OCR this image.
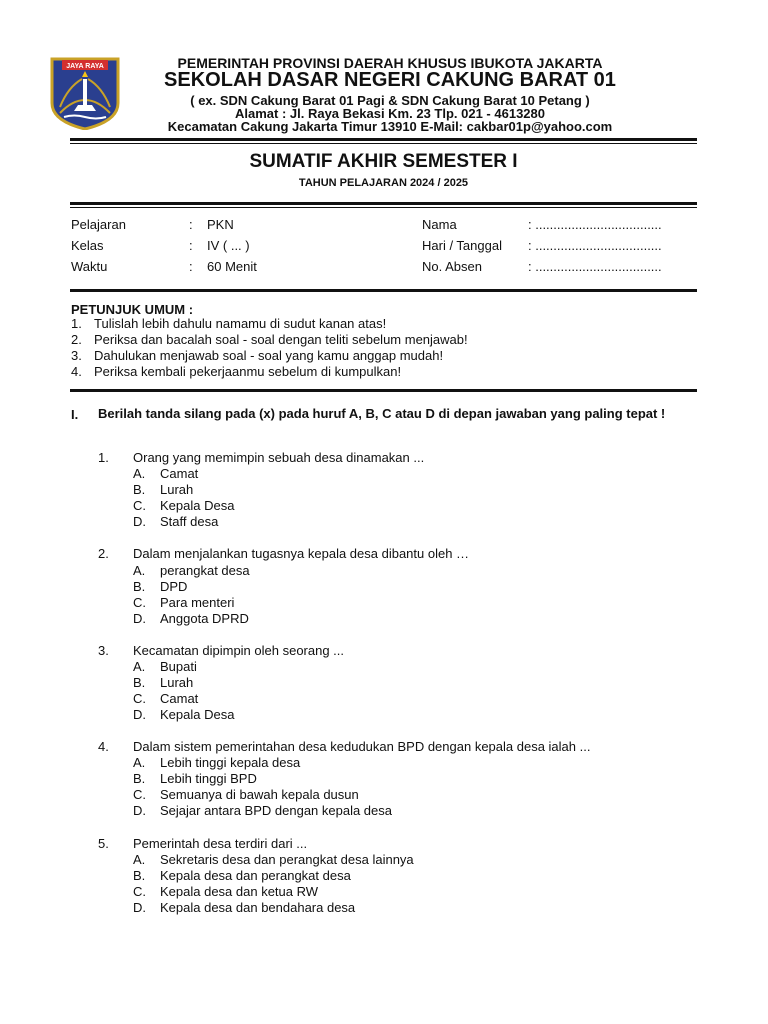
JAYA RAYA	PEMERINTAH PROVINSI DAERAH KHUSUS IBUKOTA JAKARTA
SEKOLAH DASAR NEGERI CAKUNG BARAT 01
( ex. SDN Cakung Barat 01 Pagi & SDN Cakung Barat 10 Petang )
Alamat : Jl. Raya Bekasi Km. 23 Tlp. 021 - 4613280
Kecamatan Cakung Jakarta Timur 13910 E-Mail: cakbar01p@yahoo.com
SUMATIF AKHIR SEMESTER I
TAHUN PELAJARAN 2024 / 2025
Pelajaran	: PKN
Kelas	: IV ( ... )
Waktu	: 60 Menit
Nama	: ...................................
Hari / Tanggal : ...................................
No. Absen	: ...................................
PETUNJUK UMUM :
1. Tulislah lebih dahulu namamu di sudut kanan atas!
2. Periksa dan bacalah soal - soal dengan teliti sebelum menjawab!
3. Dahulukan menjawab soal - soal yang kamu anggap mudah!
4. Periksa kembali pekerjaanmu sebelum di kumpulkan!
I. Berilah tanda silang pada (x) pada huruf A, B, C atau D di depan jawaban yang paling tepat !
1. Orang yang memimpin sebuah desa dinamakan ...
A. Camat
B. Lurah
C. Kepala Desa
D. Staff desa
2. Dalam menjalankan tugasnya kepala desa dibantu oleh …
A. perangkat desa
B. DPD
C. Para menteri
D. Anggota DPRD
3. Kecamatan dipimpin oleh seorang ...
A. Bupati
B. Lurah
C. Camat
D. Kepala Desa
4. Dalam sistem pemerintahan desa kedudukan BPD dengan kepala desa ialah ...
A. Lebih tinggi kepala desa
B. Lebih tinggi BPD
C. Semuanya di bawah kepala dusun
D. Sejajar antara BPD dengan kepala desa
5. Pemerintah desa terdiri dari ...
A. Sekretaris desa dan perangkat desa lainnya
B. Kepala desa dan perangkat desa
C. Kepala desa dan ketua RW
D. Kepala desa dan bendahara desa
